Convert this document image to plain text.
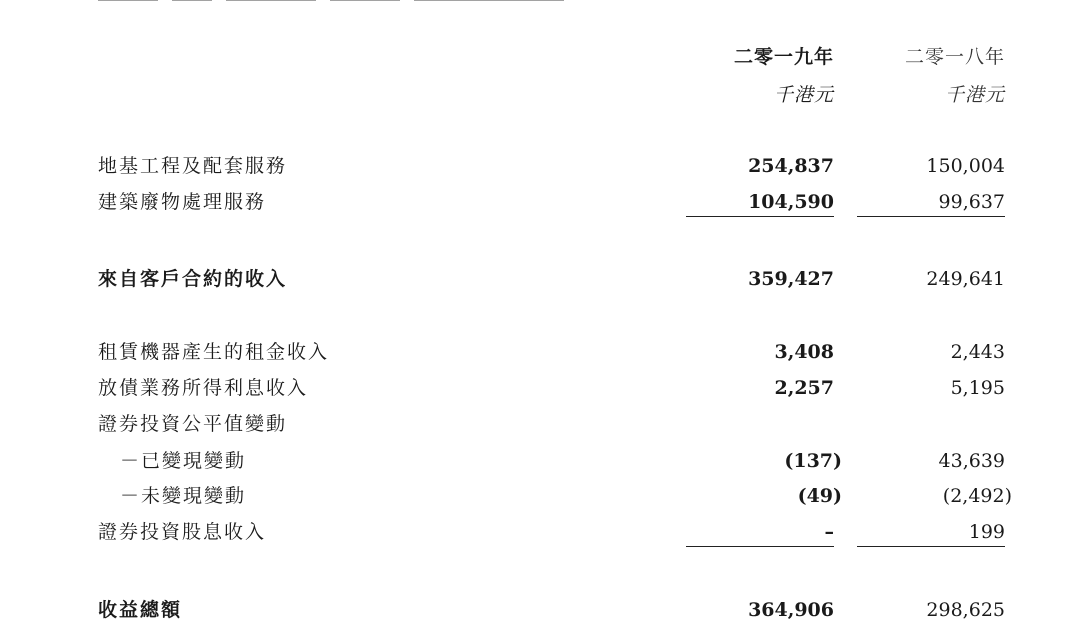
二零一九年	二零一八年
千港元	千港元
地基工程及配套服務	254,837	150,004
建築廢物處理服務	104,590	99,637
來自客戶合約的收入	359,427	249,641
租賃機器產生的租金收入	3,408	2,443
放債業務所得利息收入	2,257	5,195
證券投資公平值變動
－已變現變動	(137)	43,639
－未變現變動	(49)	(2,492)
證券投資股息收入	–	199
收益總額	364,906	298,625
